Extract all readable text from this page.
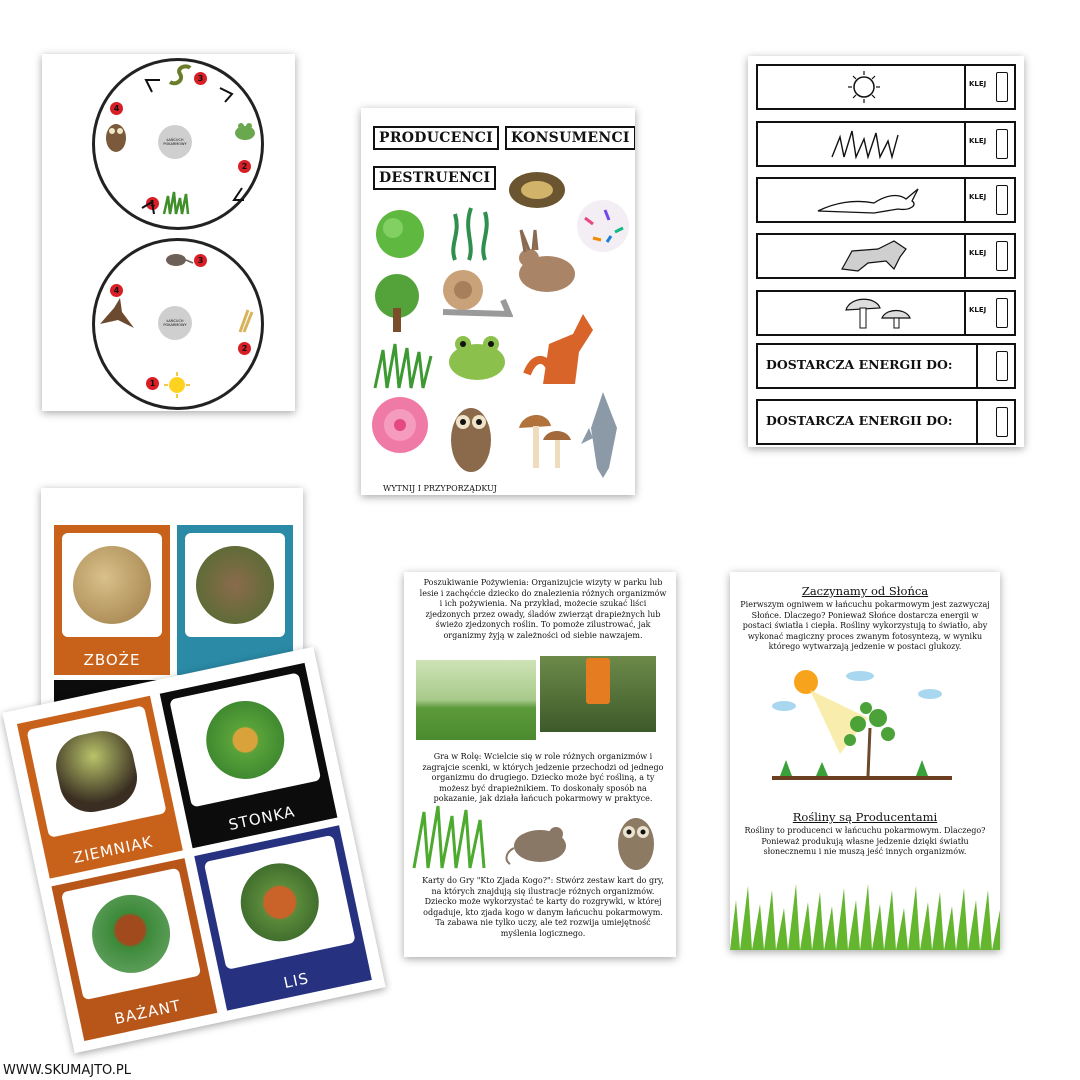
ŁAŃCUCH POKARMOWY
3
2
1
4
ŁAŃCUCH POKARMOWY
3
2
1
4
PRODUCENCI	KONSUMENCI
DESTRUENCI
WYTNIJ I PRZYPORZĄDKUJ
KLEJ
KLEJ
KLEJ
KLEJ
KLEJ
DOSTARCZA ENERGII DO:
DOSTARCZA ENERGII DO:
ZBOŻE
ZIEMNIAK
STONKA
BAŻANT
LIS
Poszukiwanie Pożywienia: Organizujcie wizyty w parku lub lesie i zachęćcie dziecko do znalezienia różnych organizmów i ich pożywienia. Na przykład, możecie szukać liści zjedzonych przez owady, śladów zwierząt drapieżnych lub świeżo zjedzonych roślin. To pomoże zilustrować, jak organizmy żyją w zależności od siebie nawzajem.
Gra w Rolę: Wcielcie się w role różnych organizmów i zagrajcie scenki, w których jedzenie przechodzi od jednego organizmu do drugiego. Dziecko może być rośliną, a ty możesz być drapieżnikiem. To doskonały sposób na pokazanie, jak działa łańcuch pokarmowy w praktyce.
Karty do Gry "Kto Zjada Kogo?": Stwórz zestaw kart do gry, na których znajdują się ilustracje różnych organizmów. Dziecko może wykorzystać te karty do rozgrywki, w której odgaduje, kto zjada kogo w danym łańcuchu pokarmowym. Ta zabawa nie tylko uczy, ale też rozwija umiejętność myślenia logicznego.
Zaczynamy od Słońca
Pierwszym ogniwem w łańcuchu pokarmowym jest zazwyczaj Słońce. Dlaczego? Ponieważ Słońce dostarcza energii w postaci światła i ciepła. Rośliny wykorzystują to światło, aby wykonać magiczny proces zwanym fotosyntezą, w wyniku którego wytwarzają jedzenie w postaci glukozy.
Rośliny są Producentami
Rośliny to producenci w łańcuchu pokarmowym. Dlaczego? Ponieważ produkują własne jedzenie dzięki światłu słonecznemu i nie muszą jeść innych organizmów.
WWW.SKUMAJTO.PL
